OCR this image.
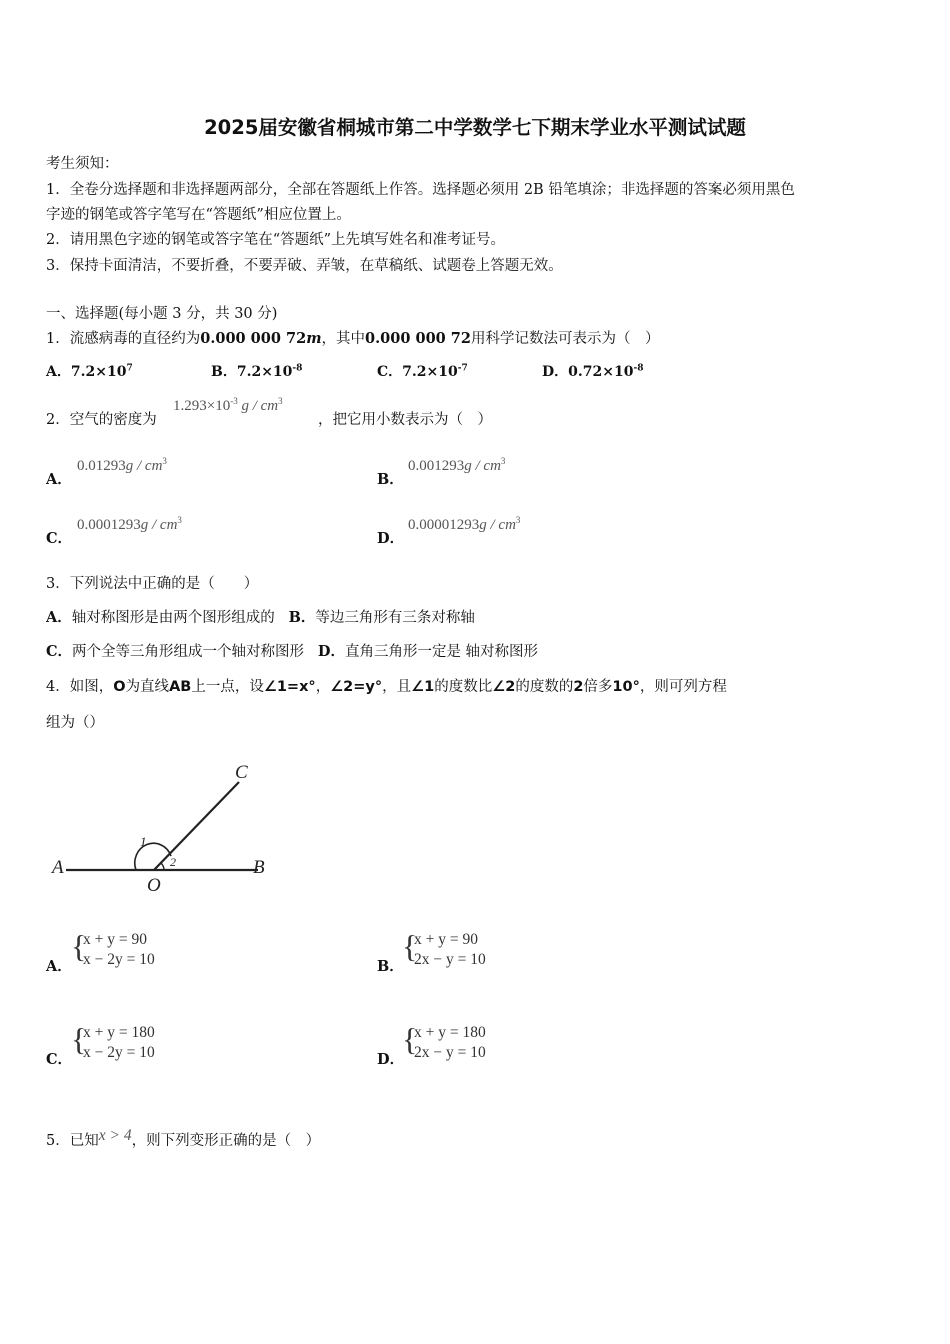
2025届安徽省桐城市第二中学数学七下期末学业水平测试试题
考生须知：
1．全卷分选择题和非选择题两部分，全部在答题纸上作答。选择题必须用 2B 铅笔填涂；非选择题的答案必须用黑色
字迹的钢笔或答字笔写在“答题纸”相应位置上。
2．请用黑色字迹的钢笔或答字笔在“答题纸”上先填写姓名和准考证号。
3．保持卡面清洁，不要折叠，不要弄破、弄皱，在草稿纸、试题卷上答题无效。
一、选择题(每小题 3 分，共 30 分)
1．流感病毒的直径约为0.000 000 72m，其中0.000 000 72用科学记数法可表示为（　）
A．$7.2\times 10^7$	B．$7.2\times 10^{-8}$	C．$7.2\times 10^{-7}$	D．$0.72\times 10^{-8}$
2．空气的密度为
$1.293\times 10^{-3}$ g / $cm^3$
，把它用小数表示为（　）
A．
$0.01293g / cm^3$
B．
$0.001293g / cm^3$
C．
$0.0001293g / cm^3$
D．
$0.00001293g / cm^3$
3．下列说法中正确的是（　　）
A．轴对称图形是由两个图形组成的 B．等边三角形有三条对称轴
C．两个全等三角形组成一个轴对称图形 D．直角三角形一定是 轴对称图形
4．如图，O为直线AB上一点，设∠1=x°，∠2=y°，且∠1的度数比∠2的度数的2倍多10°，则可列方程
组为（）
A	B
C
O
1
2
A．
{
x + y = 90
x − 2y = 10	B．
{
x + y = 90
2x − y = 10
C．
{
x + y = 180
x − 2y = 10	D．
{
x + y = 180
2x − y = 10
5．已知x > 4，则下列变形正确的是（　）
